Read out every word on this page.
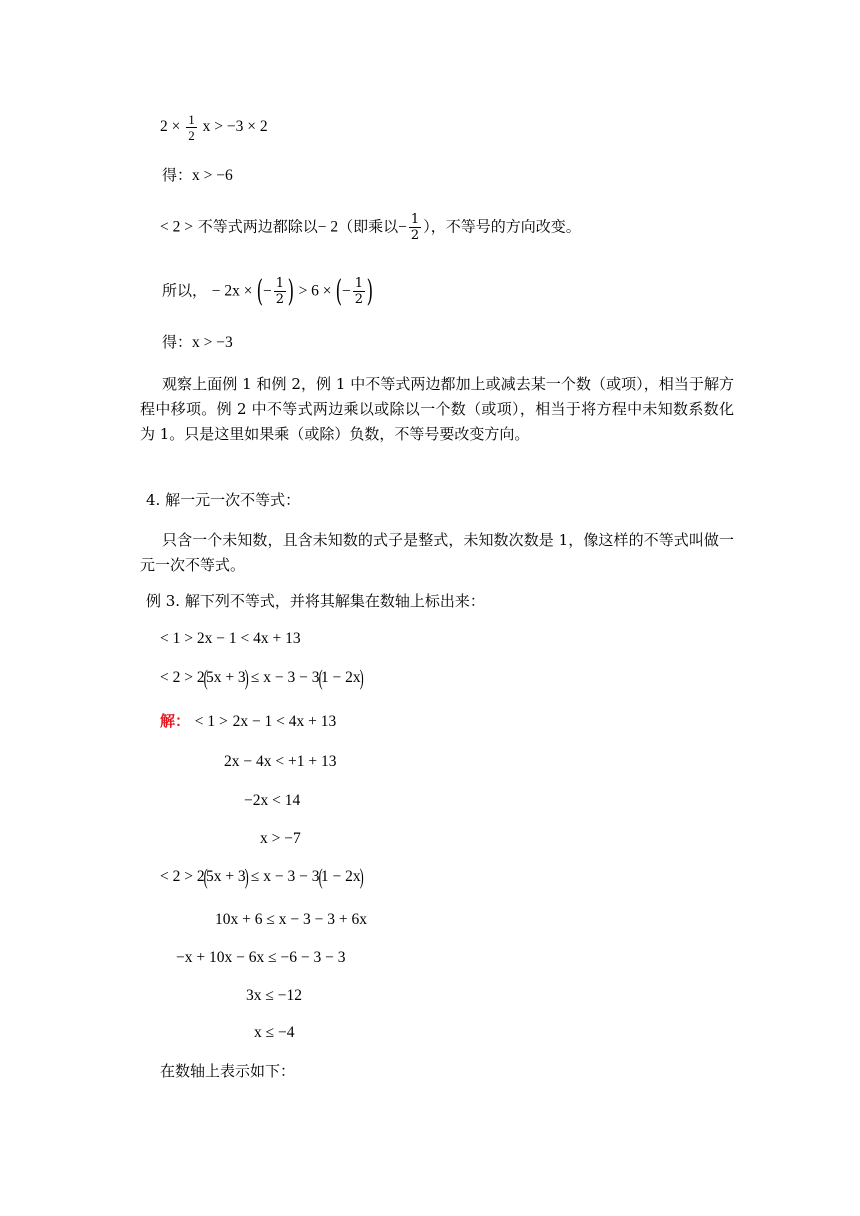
$2 \times \frac{1}{2}$ x > −3 × 2
得：x > −6
< 2 > 不等式两边都除以− 2（即乘以− $\frac{1}{2}$ ），不等号的方向改变。
所以， − 2x × (− $\frac{1}{2}$ ) > 6 × (− $\frac{1}{2}$ )
得：x > −3
观察上面例 1 和例 2，例 1 中不等式两边都加上或减去某一个数（或项），相当于解方程中移项。例 2 中不等式两边乘以或除以一个数（或项），相当于将方程中未知数系数化为 1。只是这里如果乘（或除）负数，不等号要改变方向。
4. 解一元一次不等式：
只含一个未知数，且含未知数的式子是整式，未知数次数是 1，像这样的不等式叫做一元一次不等式。
例 3. 解下列不等式，并将其解集在数轴上标出来：
< 1 > 2x − 1 < 4x + 13
< 2 > 2(5x + 3) ≤ x − 3 − 3(1 − 2x)
解： < 1 > 2x − 1 < 4x + 13
2x − 4x < +1 + 13
−2x < 14
x > −7
< 2 > 2(5x + 3) ≤ x − 3 − 3(1 − 2x)
10x + 6 ≤ x − 3 − 3 + 6x
−x + 10x − 6x ≤ −6 − 3 − 3
3x ≤ −12
x ≤ −4
在数轴上表示如下：
